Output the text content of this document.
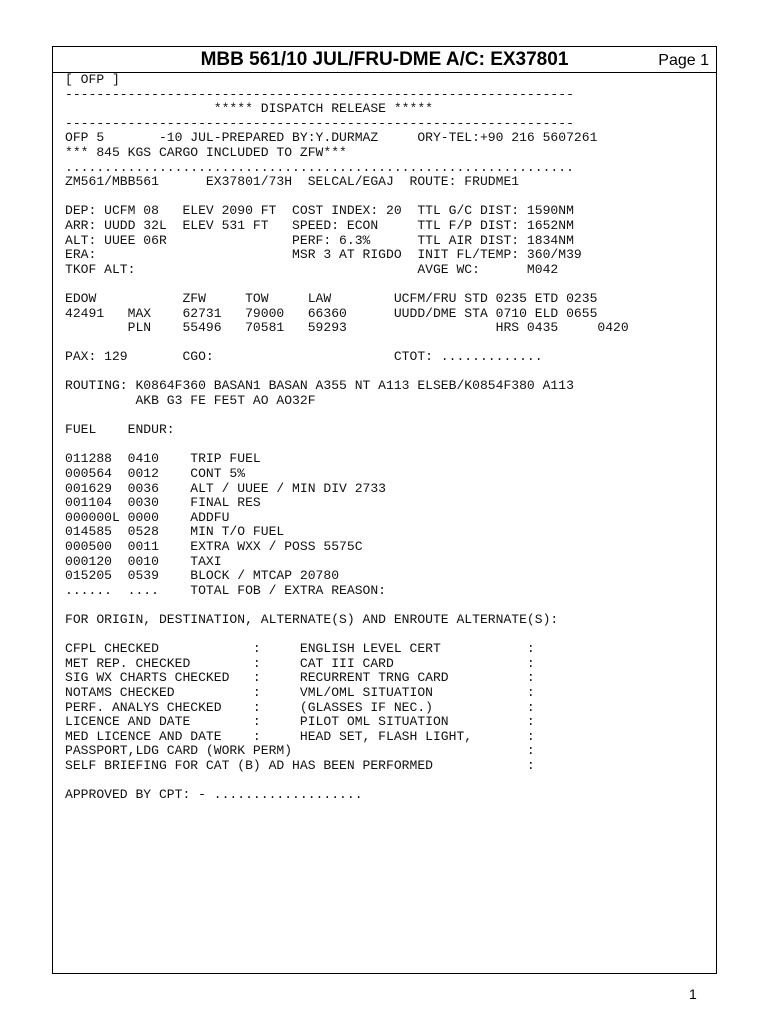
MBB 561/10 JUL/FRU-DME A/C: EX37801	Page 1
[ OFP ]
-----------------------------------------------------------------
***** DISPATCH RELEASE *****
-----------------------------------------------------------------
OFP 5       -10 JUL-PREPARED BY:Y.DURMAZ     ORY-TEL:+90 216 5607261
*** 845 KGS CARGO INCLUDED TO ZFW***
.................................................................
ZM561/MBB561      EX37801/73H  SELCAL/EGAJ  ROUTE: FRUDME1
DEP: UCFM 08   ELEV 2090 FT  COST INDEX: 20  TTL G/C DIST: 1590NM
ARR: UUDD 32L  ELEV 531 FT   SPEED: ECON     TTL F/P DIST: 1652NM
ALT: UUEE 06R                PERF: 6.3%      TTL AIR DIST: 1834NM
ERA:                         MSR 3 AT RIGDO  INIT FL/TEMP: 360/M39
TKOF ALT:                                    AVGE WC:      M042
EDOW           ZFW     TOW     LAW        UCFM/FRU STD 0235 ETD 0235
42491   MAX    62731   79000   66360      UUDD/DME STA 0710 ELD 0655
PLN    55496   70581   59293                   HRS 0435     0420
PAX: 129       CGO:                       CTOT: .............
ROUTING: K0864F360 BASAN1 BASAN A355 NT A113 ELSEB/K0854F380 A113
AKB G3 FE FE5T AO AO32F
FUEL    ENDUR:
011288  0410    TRIP FUEL
000564  0012    CONT 5%
001629  0036    ALT / UUEE / MIN DIV 2733
001104  0030    FINAL RES
000000L 0000    ADDFU
014585  0528    MIN T/O FUEL
000500  0011    EXTRA WXX / POSS 5575C
000120  0010    TAXI
015205  0539    BLOCK / MTCAP 20780
......  ....    TOTAL FOB / EXTRA REASON:
FOR ORIGIN, DESTINATION, ALTERNATE(S) AND ENROUTE ALTERNATE(S):
CFPL CHECKED            :     ENGLISH LEVEL CERT           :
MET REP. CHECKED        :     CAT III CARD                 :
SIG WX CHARTS CHECKED   :     RECURRENT TRNG CARD          :
NOTAMS CHECKED          :     VML/OML SITUATION            :
PERF. ANALYS CHECKED    :     (GLASSES IF NEC.)            :
LICENCE AND DATE        :     PILOT OML SITUATION          :
MED LICENCE AND DATE    :     HEAD SET, FLASH LIGHT,       :
PASSPORT,LDG CARD (WORK PERM)                              :
SELF BRIEFING FOR CAT (B) AD HAS BEEN PERFORMED            :
APPROVED BY CPT: - ...................
1
